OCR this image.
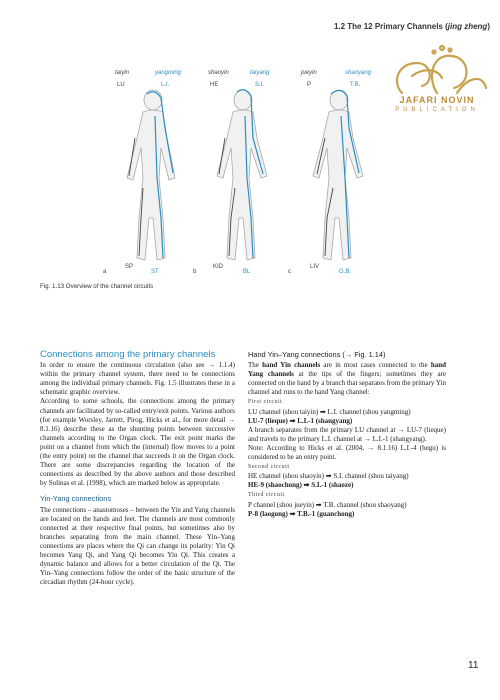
1.2 The 12 Primary Channels (jing zheng)
JAFARI NOVIN
PUBLICATION
taiyin
LU
yangming
L.I.
shaoyin
HE
taiyang
S.I.
jueyin
P
shaoyang
T.B.
a
SP
ST	b
KID
BL	c
LIV
G.B.
Fig. 1.13 Overview of the channel circuits
Connections among the primary channels

In order to ensure the continuous circulation (also see → 1.1.4) within the primary channel system, there need to be connections among the individual primary channels. Fig. 1.5 illustrates these in a schematic graphic overview.

According to some schools, the connections among the primary channels are facilitated by so-called entry/exit points. Various authors (for example Worsley, Jarrett, Pirog, Hicks et al., for more detail → 8.1.16) describe these as the shunting points between successive channels according to the Organ clock. The exit point marks the point on a channel from which the (internal) flow moves to a point (the entry point) on the channel that succeeds it on the Organ clock. There are some discrepancies regarding the location of the connections as described by the above authors and those described by Solinas et al. (1998), which are marked below as appropriate.

Yin-Yang connections

The connections – anastomoses – between the Yin and Yang channels are located on the hands and feet. The channels are most commonly connected at their respective final points, but sometimes also by branches separating from the main channel. These Yin–Yang connections are places where the Qi can change its polarity: Yin Qi becomes Yang Qi, and Yang Qi becomes Yin Qi. This creates a dynamic balance and allows for a better circulation of the Qi. The Yin–Yang connections follow the order of the basic structure of the circadian rhythm (24-hour cycle).

Hand Yin–Yang connections (→ Fig. 1.14)

The hand Yin channels are in most cases connected to the hand Yang channels at the tips of the fingers; sometimes they are connected on the hand by a branch that separates from the primary Yin channel and runs to the hand Yang channel:

First circuit

LU channel (shou taiyin) ➡ L.I. channel (shou yangming)

LU-7 (lieque) ➡ L.I.-1 (shangyang)

A branch separates from the primary LU channel at → LU-7 (lieque) and travels to the primary L.I. channel at → L.I.-1 (shangyang).

Note: According to Hicks et al. (2004, → 8.1.16) L.I.-4 (hegu) is considered to be an entry point.

Second circuit

HE channel (shou shaoyin) ➡ S.I. channel (shou taiyang)

HE-9 (shaochong) ➡ S.I.-1 (shaoze)

Third circuit

P channel (shou jueyin) ➡ T.B. channel (shou shaoyang)

P-8 (laogong) ➡ T.B.-1 (guanchong)

11
